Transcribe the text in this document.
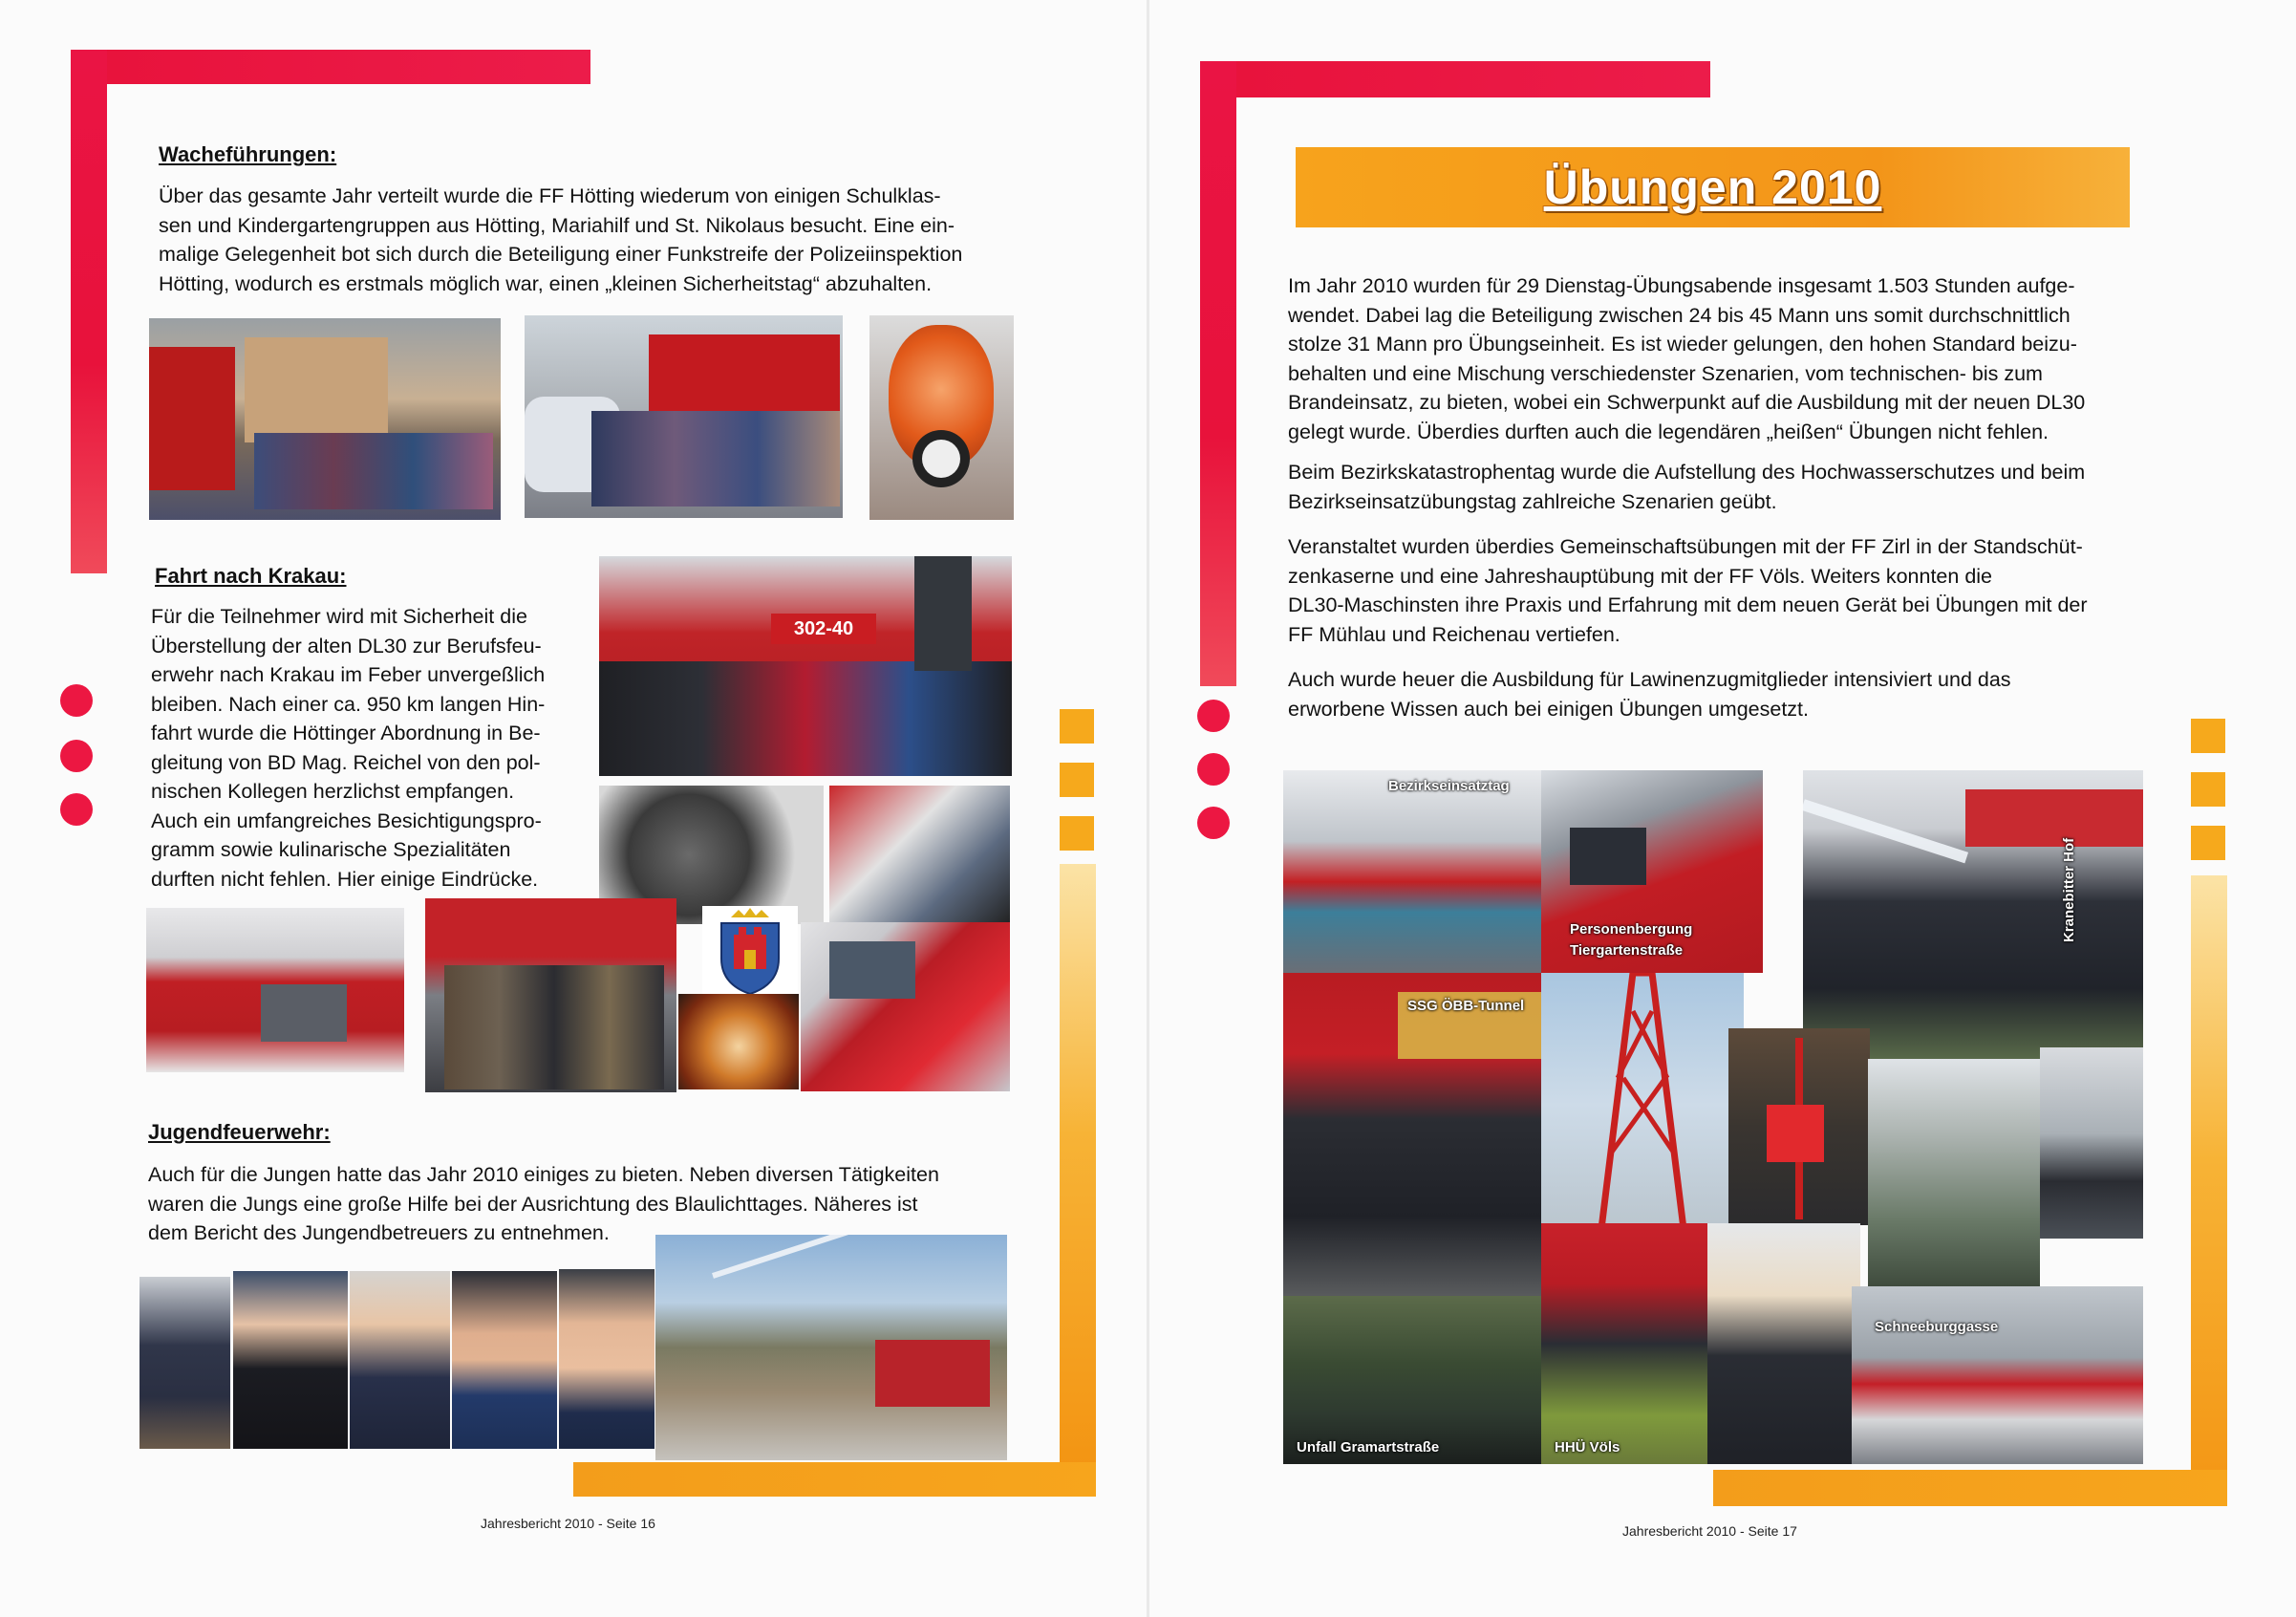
Wacheführungen:
Über das gesamte Jahr verteilt wurde die FF Hötting wiederum von einigen Schulklas-
sen und Kindergartengruppen aus Hötting, Mariahilf und St. Nikolaus besucht. Eine ein-
malige Gelegenheit bot sich durch die Beteiligung einer Funkstreife der Polizeiinspektion
Hötting, wodurch es erstmals möglich war, einen „kleinen Sicherheitstag“ abzuhalten.
Fahrt nach Krakau:
Für die Teilnehmer wird mit Sicherheit die
Überstellung der alten DL30 zur Berufsfeu-
erwehr nach Krakau im Feber unvergeßlich
bleiben. Nach einer ca. 950 km langen Hin-
fahrt wurde die Höttinger Abordnung in Be-
gleitung von BD Mag. Reichel von den pol-
nischen Kollegen herzlichst empfangen.
Auch ein umfangreiches Besichtigungspro-
gramm sowie kulinarische Spezialitäten
durften nicht fehlen. Hier einige Eindrücke.
302-40
Jugendfeuerwehr:
Auch für die Jungen hatte das Jahr 2010 einiges zu bieten. Neben diversen Tätigkeiten
waren die Jungs eine große Hilfe bei der Ausrichtung des Blaulichttages. Näheres ist
dem Bericht des Jungendbetreuers zu entnehmen.
Jahresbericht 2010 - Seite 16
Übungen 2010
Im Jahr 2010 wurden für 29 Dienstag-Übungsabende insgesamt 1.503 Stunden aufge-
wendet. Dabei lag die Beteiligung zwischen 24 bis 45 Mann uns somit durchschnittlich
stolze 31 Mann pro Übungseinheit. Es ist wieder gelungen, den hohen Standard beizu-
behalten und eine Mischung verschiedenster Szenarien, vom technischen- bis zum
Brandeinsatz, zu bieten, wobei ein Schwerpunkt auf die Ausbildung mit der neuen DL30
gelegt wurde. Überdies durften auch die legendären „heißen“ Übungen nicht fehlen.
Beim Bezirkskatastrophentag wurde die Aufstellung des Hochwasserschutzes und beim
Bezirkseinsatzübungstag zahlreiche Szenarien geübt.
Veranstaltet wurden überdies Gemeinschaftsübungen mit der FF Zirl in der Standschüt-
zenkaserne und eine Jahreshauptübung mit der FF Völs. Weiters konnten die
DL30-Maschinsten ihre Praxis und Erfahrung mit dem neuen Gerät bei Übungen mit der
FF Mühlau und Reichenau vertiefen.
Auch wurde heuer die Ausbildung für Lawinenzugmitglieder intensiviert und das
erworbene Wissen auch bei einigen Übungen umgesetzt.
Bezirkseinsatztag
Personenbergung
Tiergartenstraße
Kranebitter Hof
SSG ÖBB-Tunnel
Unfall Gramartstraße	HHÜ Völs
Schneeburggasse
Jahresbericht 2010 - Seite 17
